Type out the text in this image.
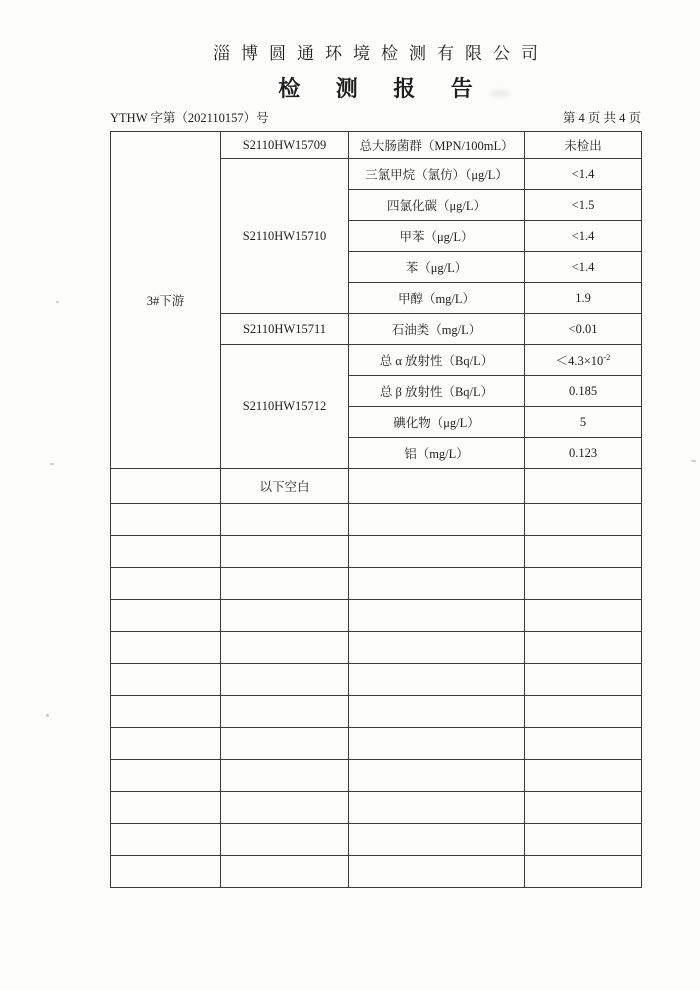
淄博圆通环境检测有限公司
检 测 报 告
YTHW 字第（202110157）号	第 4 页 共 4 页
3#下游	S2110HW15709	总大肠菌群（MPN/100mL）	未检出
	S2110HW15710	三氯甲烷（氯仿）（μg/L）	<1.4
		四氯化碳（μg/L）	<1.5
		甲苯（μg/L）	<1.4
		苯（μg/L）	<1.4
		甲醇（mg/L）	1.9
	S2110HW15711	石油类（mg/L）	<0.01
	S2110HW15712	总 α 放射性（Bq/L）	$<4.3\times 10^{-2}$
		总 β 放射性（Bq/L）	0.185
		碘化物（μg/L）	5
		铝（mg/L）	0.123
	以下空白		
